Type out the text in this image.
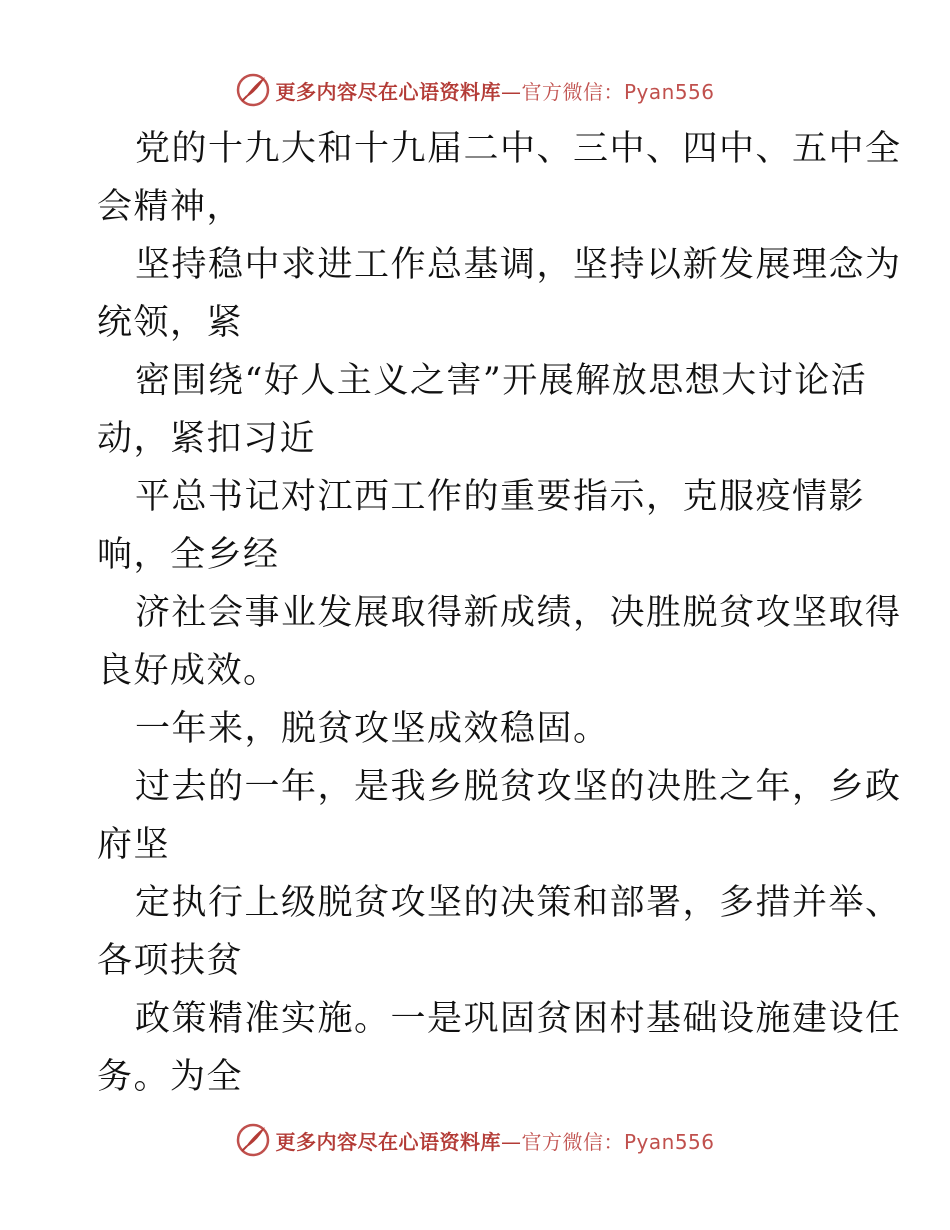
更多内容尽在心语资料库—官方微信：Pyan556
党的十九大和十九届二中、三中、四中、五中全
会精神，
坚持稳中求进工作总基调，坚持以新发展理念为
统领，紧
密围绕“好人主义之害”开展解放思想大讨论活
动，紧扣习近
平总书记对江西工作的重要指示，克服疫情影
响，全乡经
济社会事业发展取得新成绩，决胜脱贫攻坚取得
良好成效。
一年来，脱贫攻坚成效稳固。
过去的一年，是我乡脱贫攻坚的决胜之年，乡政
府坚
定执行上级脱贫攻坚的决策和部署，多措并举、
各项扶贫
政策精准实施。一是巩固贫困村基础设施建设任
务。为全
更多内容尽在心语资料库—官方微信：Pyan556
